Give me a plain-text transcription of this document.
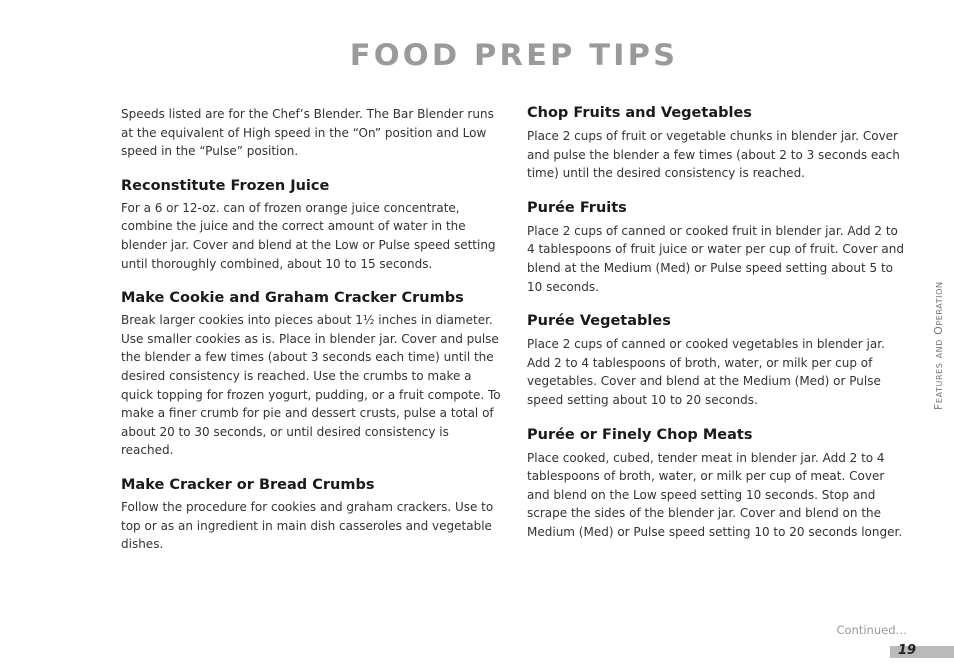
FOOD PREP TIPS

Speeds listed are for the Chef’s Blender. The Bar Blender runs at the equivalent of High speed in the “On” position and Low speed in the “Pulse” position.

Reconstitute Frozen Juice

For a 6 or 12-oz. can of frozen orange juice concentrate, combine the juice and the correct amount of water in the blender jar. Cover and blend at the Low or Pulse speed setting until thoroughly combined, about 10 to 15 seconds.

Make Cookie and Graham Cracker Crumbs

Break larger cookies into pieces about 1½ inches in diameter. Use smaller cookies as is. Place in blender jar. Cover and pulse the blender a few times (about 3 seconds each time) until the desired consistency is reached. Use the crumbs to make a quick topping for frozen yogurt, pudding, or a fruit compote. To make a finer crumb for pie and dessert crusts, pulse a total of about 20 to 30 seconds, or until desired consistency is reached.

Make Cracker or Bread Crumbs

Follow the procedure for cookies and graham crackers. Use to top or as an ingredient in main dish casseroles and vegetable dishes.

Chop Fruits and Vegetables

Place 2 cups of fruit or vegetable chunks in blender jar. Cover and pulse the blender a few times (about 2 to 3 seconds each time) until the desired consistency is reached.

Purée Fruits

Place 2 cups of canned or cooked fruit in blender jar. Add 2 to 4 tablespoons of fruit juice or water per cup of fruit. Cover and blend at the Medium (Med) or Pulse speed setting about 5 to 10 seconds.

Purée Vegetables

Place 2 cups of canned or cooked vegetables in blender jar. Add 2 to 4 tablespoons of broth, water, or milk per cup of vegetables. Cover and blend at the Medium (Med) or Pulse speed setting about 10 to 20 seconds.

Purée or Finely Chop Meats

Place cooked, cubed, tender meat in blender jar. Add 2 to 4 tablespoons of broth, water, or milk per cup of meat. Cover and blend on the Low speed setting 10 seconds. Stop and scrape the sides of the blender jar. Cover and blend on the Medium (Med) or Pulse speed setting 10 to 20 seconds longer.

Features and Operation
Continued…
19
